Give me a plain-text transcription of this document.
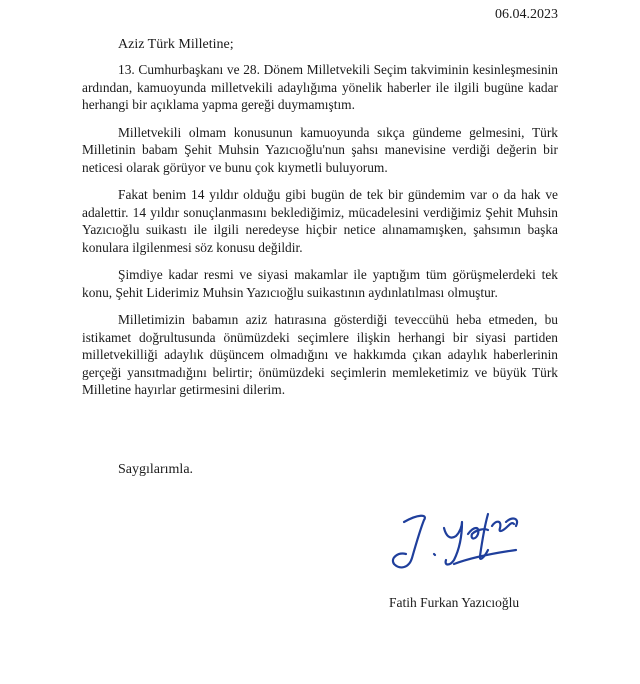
06.04.2023
Aziz Türk Milletine;

13. Cumhurbaşkanı ve 28. Dönem Milletvekili Seçim takviminin kesinleşmesinin ardından, kamuoyunda milletvekili adaylığıma yönelik haberler ile ilgili bugüne kadar herhangi bir açıklama yapma gereği duymamıştım.

Milletvekili olmam konusunun kamuoyunda sıkça gündeme gelmesini, Türk Milletinin babam Şehit Muhsin Yazıcıoğlu'nun şahsı manevisine verdiği değerin bir neticesi olarak görüyor ve bunu çok kıymetli buluyorum.

Fakat benim 14 yıldır olduğu gibi bugün de tek bir gündemim var o da hak ve adalettir. 14 yıldır sonuçlanmasını beklediğimiz, mücadelesini verdiğimiz Şehit Muhsin Yazıcıoğlu suikastı ile ilgili neredeyse hiçbir netice alınamamışken, şahsımın başka konulara ilgilenmesi söz konusu değildir.

Şimdiye kadar resmi ve siyasi makamlar ile yaptığım tüm görüşmelerdeki tek konu, Şehit Liderimiz Muhsin Yazıcıoğlu suikastının aydınlatılması olmuştur.

Milletimizin babamın aziz hatırasına gösterdiği teveccühü heba etmeden, bu istikamet doğrultusunda önümüzdeki seçimlere ilişkin herhangi bir siyasi partiden milletvekilliği adaylık düşüncem olmadığını ve hakkımda çıkan adaylık haberlerinin gerçeği yansıtmadığını belirtir; önümüzdeki seçimlerin memleketimiz ve büyük Türk Milletine hayırlar getirmesini dilerim.

Saygılarımla.
Fatih Furkan Yazıcıoğlu
